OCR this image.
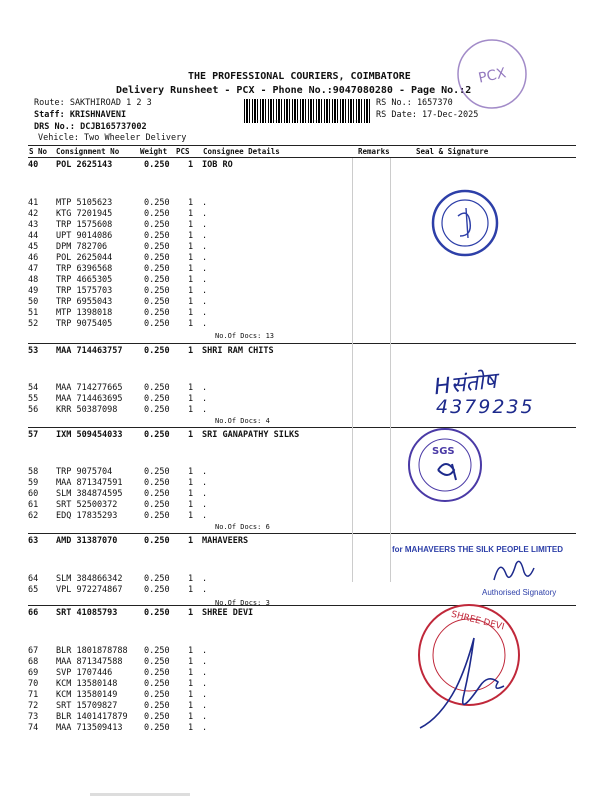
THE PROFESSIONAL COURIERS, COIMBATORE
Delivery Runsheet - PCX - Phone No.:9047080280 - Page No.:2
Route: SAKTHIROAD 1 2 3
Staff: KRISHNAVENI
DRS No.: DCJB165737002
Vehicle: Two Wheeler Delivery
RS No.: 1657370
RS Date: 17-Dec-2025
S No Consignment No	Weight PCS Consignee Details	Remarks	Seal & Signature
40 POL 2625143	0.250 1 IOB RO
41 MTP 5105623	0.250 1 .
42 KTG 7201945	0.250 1 .
43 TRP 1575608	0.250 1 .
44 UPT 9014086	0.250 1 .
45 DPM 782706	0.250 1 .
46 POL 2625044	0.250 1 .
47 TRP 6396568	0.250 1 .
48 TRP 4665305	0.250 1 .
49 TRP 1575703	0.250 1 .
50 TRP 6955043	0.250 1 .
51 MTP 1398018	0.250 1 .
52 TRP 9075405	0.250 1 .
No.Of Docs: 13
53 MAA 714463757	0.250 1 SHRI RAM CHITS
54 MAA 714277665	0.250 1 .
55 MAA 714463695	0.250 1 .
56 KRR 50387098	0.250 1 .
No.Of Docs: 4
57 IXM 509454033	0.250 1 SRI GANAPATHY SILKS
58 TRP 9075704	0.250 1 .
59 MAA 871347591	0.250 1 .
60 SLM 384874595	0.250 1 .
61 SRT 52500372	0.250 1 .
62 EDQ 17835293	0.250 1 .
No.Of Docs: 6
63 AMD 31387070	0.250 1 MAHAVEERS
64 SLM 384866342	0.250 1 .
65 VPL 972274867	0.250 1 .
No.Of Docs: 3
66 SRT 41085793	0.250 1 SHREE DEVI
67 BLR 1801878788 0.250 1 .
68 MAA 871347588	0.250 1 .
69 SVP 1707446	0.250 1 .
70 KCM 13580148	0.250 1 .
71 KCM 13580149	0.250 1 .
72 SRT 15709827	0.250 1 .
73 BLR 1401417879 0.250 1 .
74 MAA 713509413	0.250 1 .
PCX
Hसंतोष
4379235
SGS
for MAHAVEERS THE SILK PEOPLE LIMITED
Authorised Signatory
SHREE DEVI
